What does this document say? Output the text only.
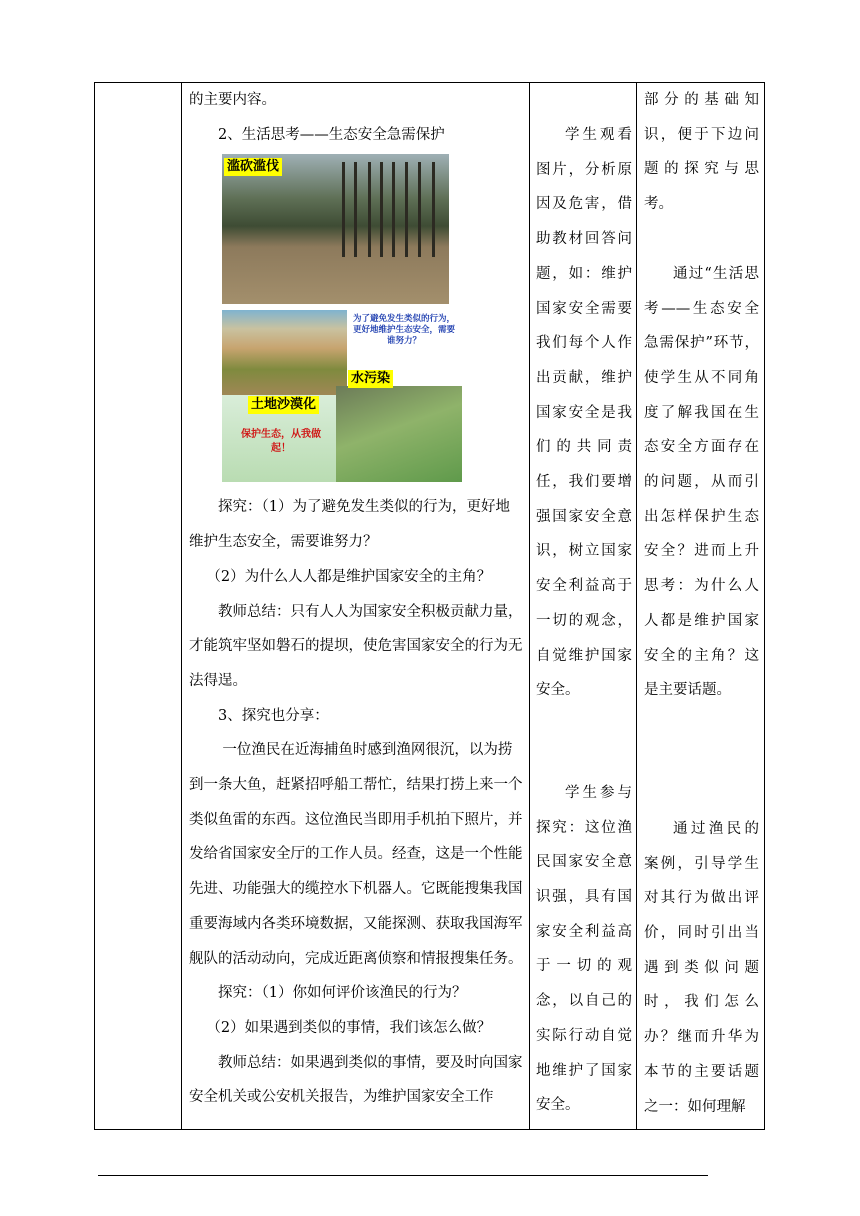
的主要内容。

2、生活思考——生态安全急需保护

滥砍滥伐
为了避免发生类似的行为，更好地维护生态安全，需要谁努力？
水污染
土地沙漠化
保护生态，从我做起！

探究：（1）为了避免发生类似的行为，更好地维护生态安全，需要谁努力？

（2）为什么人人都是维护国家安全的主角？

教师总结：只有人人为国家安全积极贡献力量，才能筑牢坚如磐石的提坝，使危害国家安全的行为无法得逞。

3、探究也分享：

一位渔民在近海捕鱼时感到渔网很沉，以为捞到一条大鱼，赶紧招呼船工帮忙，结果打捞上来一个类似鱼雷的东西。这位渔民当即用手机拍下照片，并发给省国家安全厅的工作人员。经查，这是一个性能先进、功能强大的缆控水下机器人。它既能搜集我国重要海域内各类环境数据，又能探测、获取我国海军舰队的活动动向，完成近距离侦察和情报搜集任务。

探究：（1）你如何评价该渔民的行为？

（2）如果遇到类似的事情，我们该怎么做？

教师总结：如果遇到类似的事情，要及时向国家安全机关或公安机关报告，为维护国家安全工作

学生观看图片，分析原因及危害，借助教材回答问题，如：维护国家安全需要我们每个人作出贡献，维护国家安全是我们的共同责任，我们要增强国家安全意识，树立国家安全利益高于一切的观念，自觉维护国家安全。

学生参与探究：这位渔民国家安全意识强，具有国家安全利益高于一切的观念，以自己的实际行动自觉地维护了国家安全。

部分的基础知识，便于下边问题的探究与思考。

通过“生活思考——生态安全急需保护”环节，使学生从不同角度了解我国在生态安全方面存在的问题，从而引出怎样保护生态安全？进而上升思考：为什么人人都是维护国家安全的主角？这是主要话题。

通过渔民的案例，引导学生对其行为做出评价，同时引出当遇到类似问题时，我们怎么办？继而升华为本节的主要话题之一：如何理解
